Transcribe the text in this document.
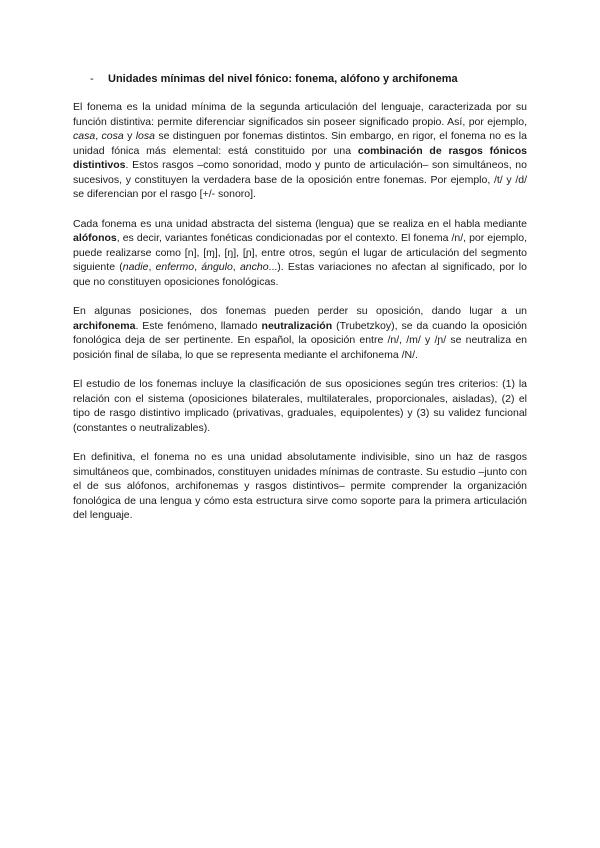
- Unidades mínimas del nivel fónico: fonema, alófono y archifonema

El fonema es la unidad mínima de la segunda articulación del lenguaje, caracterizada por su función distintiva: permite diferenciar significados sin poseer significado propio. Así, por ejemplo, casa, cosa y losa se distinguen por fonemas distintos. Sin embargo, en rigor, el fonema no es la unidad fónica más elemental: está constituido por una combinación de rasgos fónicos distintivos. Estos rasgos –como sonoridad, modo y punto de articulación– son simultáneos, no sucesivos, y constituyen la verdadera base de la oposición entre fonemas. Por ejemplo, /t/ y /d/ se diferencian por el rasgo [+/- sonoro].

Cada fonema es una unidad abstracta del sistema (lengua) que se realiza en el habla mediante alófonos, es decir, variantes fonéticas condicionadas por el contexto. El fonema /n/, por ejemplo, puede realizarse como [n], [ɱ], [ŋ], [ɲ], entre otros, según el lugar de articulación del segmento siguiente (nadie, enfermo, ángulo, ancho...). Estas variaciones no afectan al significado, por lo que no constituyen oposiciones fonológicas.

En algunas posiciones, dos fonemas pueden perder su oposición, dando lugar a un archifonema. Este fenómeno, llamado neutralización (Trubetzkoy), se da cuando la oposición fonológica deja de ser pertinente. En español, la oposición entre /n/, /m/ y /ɲ/ se neutraliza en posición final de sílaba, lo que se representa mediante el archifonema /N/.

El estudio de los fonemas incluye la clasificación de sus oposiciones según tres criterios: (1) la relación con el sistema (oposiciones bilaterales, multilaterales, proporcionales, aisladas), (2) el tipo de rasgo distintivo implicado (privativas, graduales, equipolentes) y (3) su validez funcional (constantes o neutralizables).

En definitiva, el fonema no es una unidad absolutamente indivisible, sino un haz de rasgos simultáneos que, combinados, constituyen unidades mínimas de contraste. Su estudio –junto con el de sus alófonos, archifonemas y rasgos distintivos– permite comprender la organización fonológica de una lengua y cómo esta estructura sirve como soporte para la primera articulación del lenguaje.
